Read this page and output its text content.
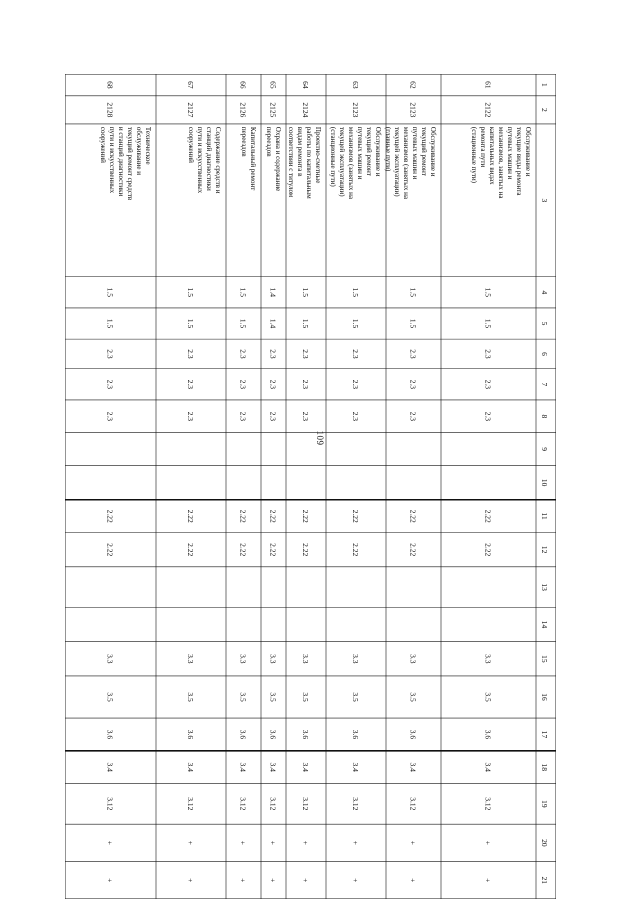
109
1
2
3
4
5
6
7
8
9
10
11
12
13
14
15
16
17
18
19
20
21
61
2122
Обслуживание и
текущие виды ремонта
путевых машин и
механизмов, занятых на
капитальных видах
ремонта пути
(стационные пути)
1.5
1.5
2.3
2.3
2.3
2.22
2.22
3.3
3.5
3.6
3.4
3.12
+
+
62
2123
Обслуживание и
текущий ремонт
путевых машин и
механизмов (занятых на
текущей эксплуатации)
(главные пути)
1.5
1.5
2.3
2.3
2.3
2.22
2.22
3.3
3.5
3.6
3.4
3.12
+
+
63
2123
Обслуживание и
текущий ремонт
путевых машин и
механизмов (занятых на
текущей эксплуатации)
(станционные пути)
1.5
1.5
2.3
2.3
2.3
2.22
2.22
3.3
3.5
3.6
3.4
3.12
+
+
64
2124
Проектно-сметные
работы по капитальным
видам ремонта в
соответствии с титулом
1.5
1.5
2.3
2.3
2.3
2.22
2.22
3.3
3.5
3.6
3.4
3.12
+
+
65
2125
Охрана и содержание
переездов
1.4
1.4
2.3
2.3
2.3
2.22
2.22
3.3
3.5
3.6
3.4
3.12
+
+
66
2126
Капитальный ремонт
переездов
1.5
1.5
2.3
2.3
2.3
2.22
2.22
3.3
3.5
3.6
3.4
3.12
+
+
67
2127
Содержание средств и
станций диагностики
пути и искусственных
сооружений
1.5
1.5
2.3
2.3
2.3
2.22
2.22
3.3
3.5
3.6
3.4
3.12
+
+
68
2128
Техническое
обслуживание и
текущий ремонт средств
и станций диагностики
пути и искусственных
сооружений
1.5
1.5
2.3
2.3
2.3
2.22
2.22
3.3
3.5
3.6
3.4
3.12
+
+
